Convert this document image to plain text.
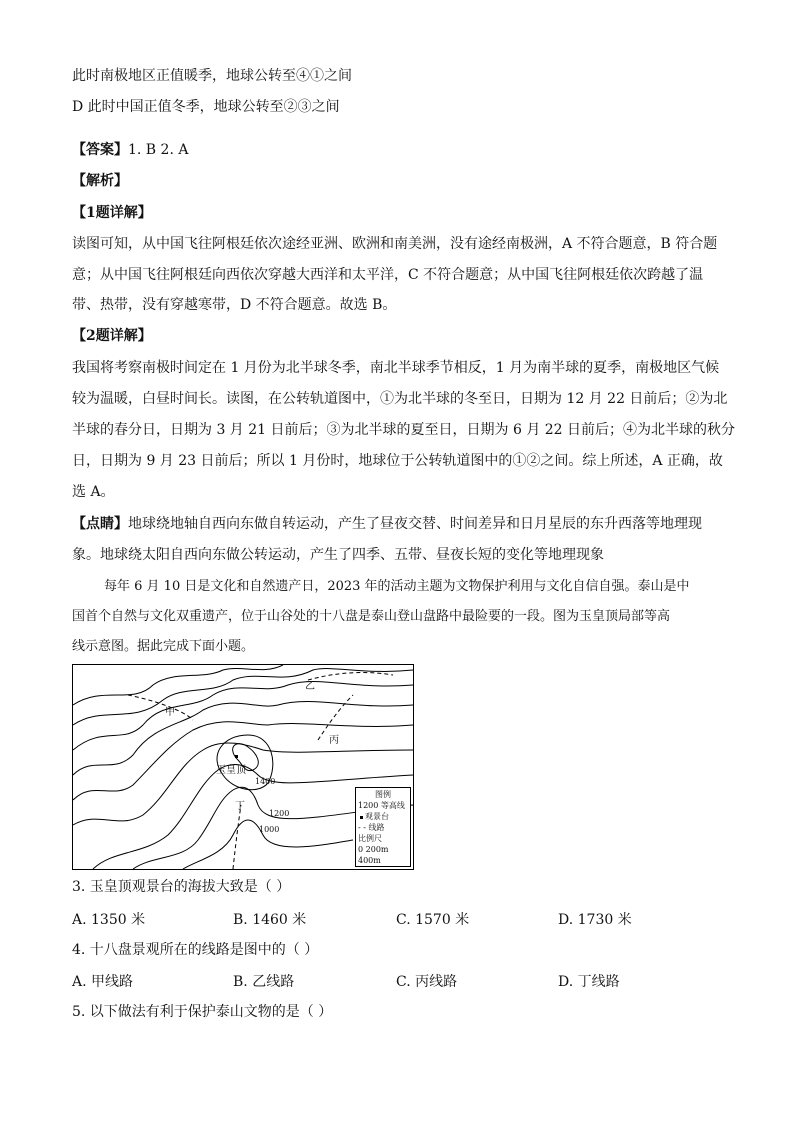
此时南极地区正值暖季，地球公转至④①之间
D 此时中国正值冬季，地球公转至②③之间
【答案】1. B 2. A
【解析】
【1题详解】
读图可知，从中国飞往阿根廷依次途经亚洲、欧洲和南美洲，没有途经南极洲，A 不符合题意，B 符合题
意；从中国飞往阿根廷向西依次穿越大西洋和太平洋，C 不符合题意；从中国飞往阿根廷依次跨越了温
带、热带，没有穿越寒带，D 不符合题意。故选 B。
【2题详解】
我国将考察南极时间定在 1 月份为北半球冬季，南北半球季节相反，1 月为南半球的夏季，南极地区气候
较为温暖，白昼时间长。读图，在公转轨道图中，①为北半球的冬至日，日期为 12 月 22 日前后；②为北
半球的春分日，日期为 3 月 21 日前后；③为北半球的夏至日，日期为 6 月 22 日前后；④为北半球的秋分
日，日期为 9 月 23 日前后；所以 1 月份时，地球位于公转轨道图中的①②之间。综上所述，A 正确，故
选 A。
【点睛】地球绕地轴自西向东做自转运动，产生了昼夜交替、时间差异和日月星辰的东升西落等地理现
象。地球绕太阳自西向东做公转运动，产生了四季、五带、昼夜长短的变化等地理现象
每年 6 月 10 日是文化和自然遗产日，2023 年的活动主题为文物保护利用与文化自信自强。泰山是中
国首个自然与文化双重遗产，位于山谷处的十八盘是泰山登山盘路中最险要的一段。图为玉皇顶局部等高
线示意图。据此完成下面小题。
甲
乙
丙
丁
玉皇顶
1400
1200
1000
图例
1200 等高线
观景台
- - 线路
比例尺
0 200m 400m
3. 玉皇顶观景台的海拔大致是（ ）
A. 1350 米	B. 1460 米	C. 1570 米	D. 1730 米
4. 十八盘景观所在的线路是图中的（ ）
A. 甲线路	B. 乙线路	C. 丙线路	D. 丁线路
5. 以下做法有利于保护泰山文物的是（ ）
